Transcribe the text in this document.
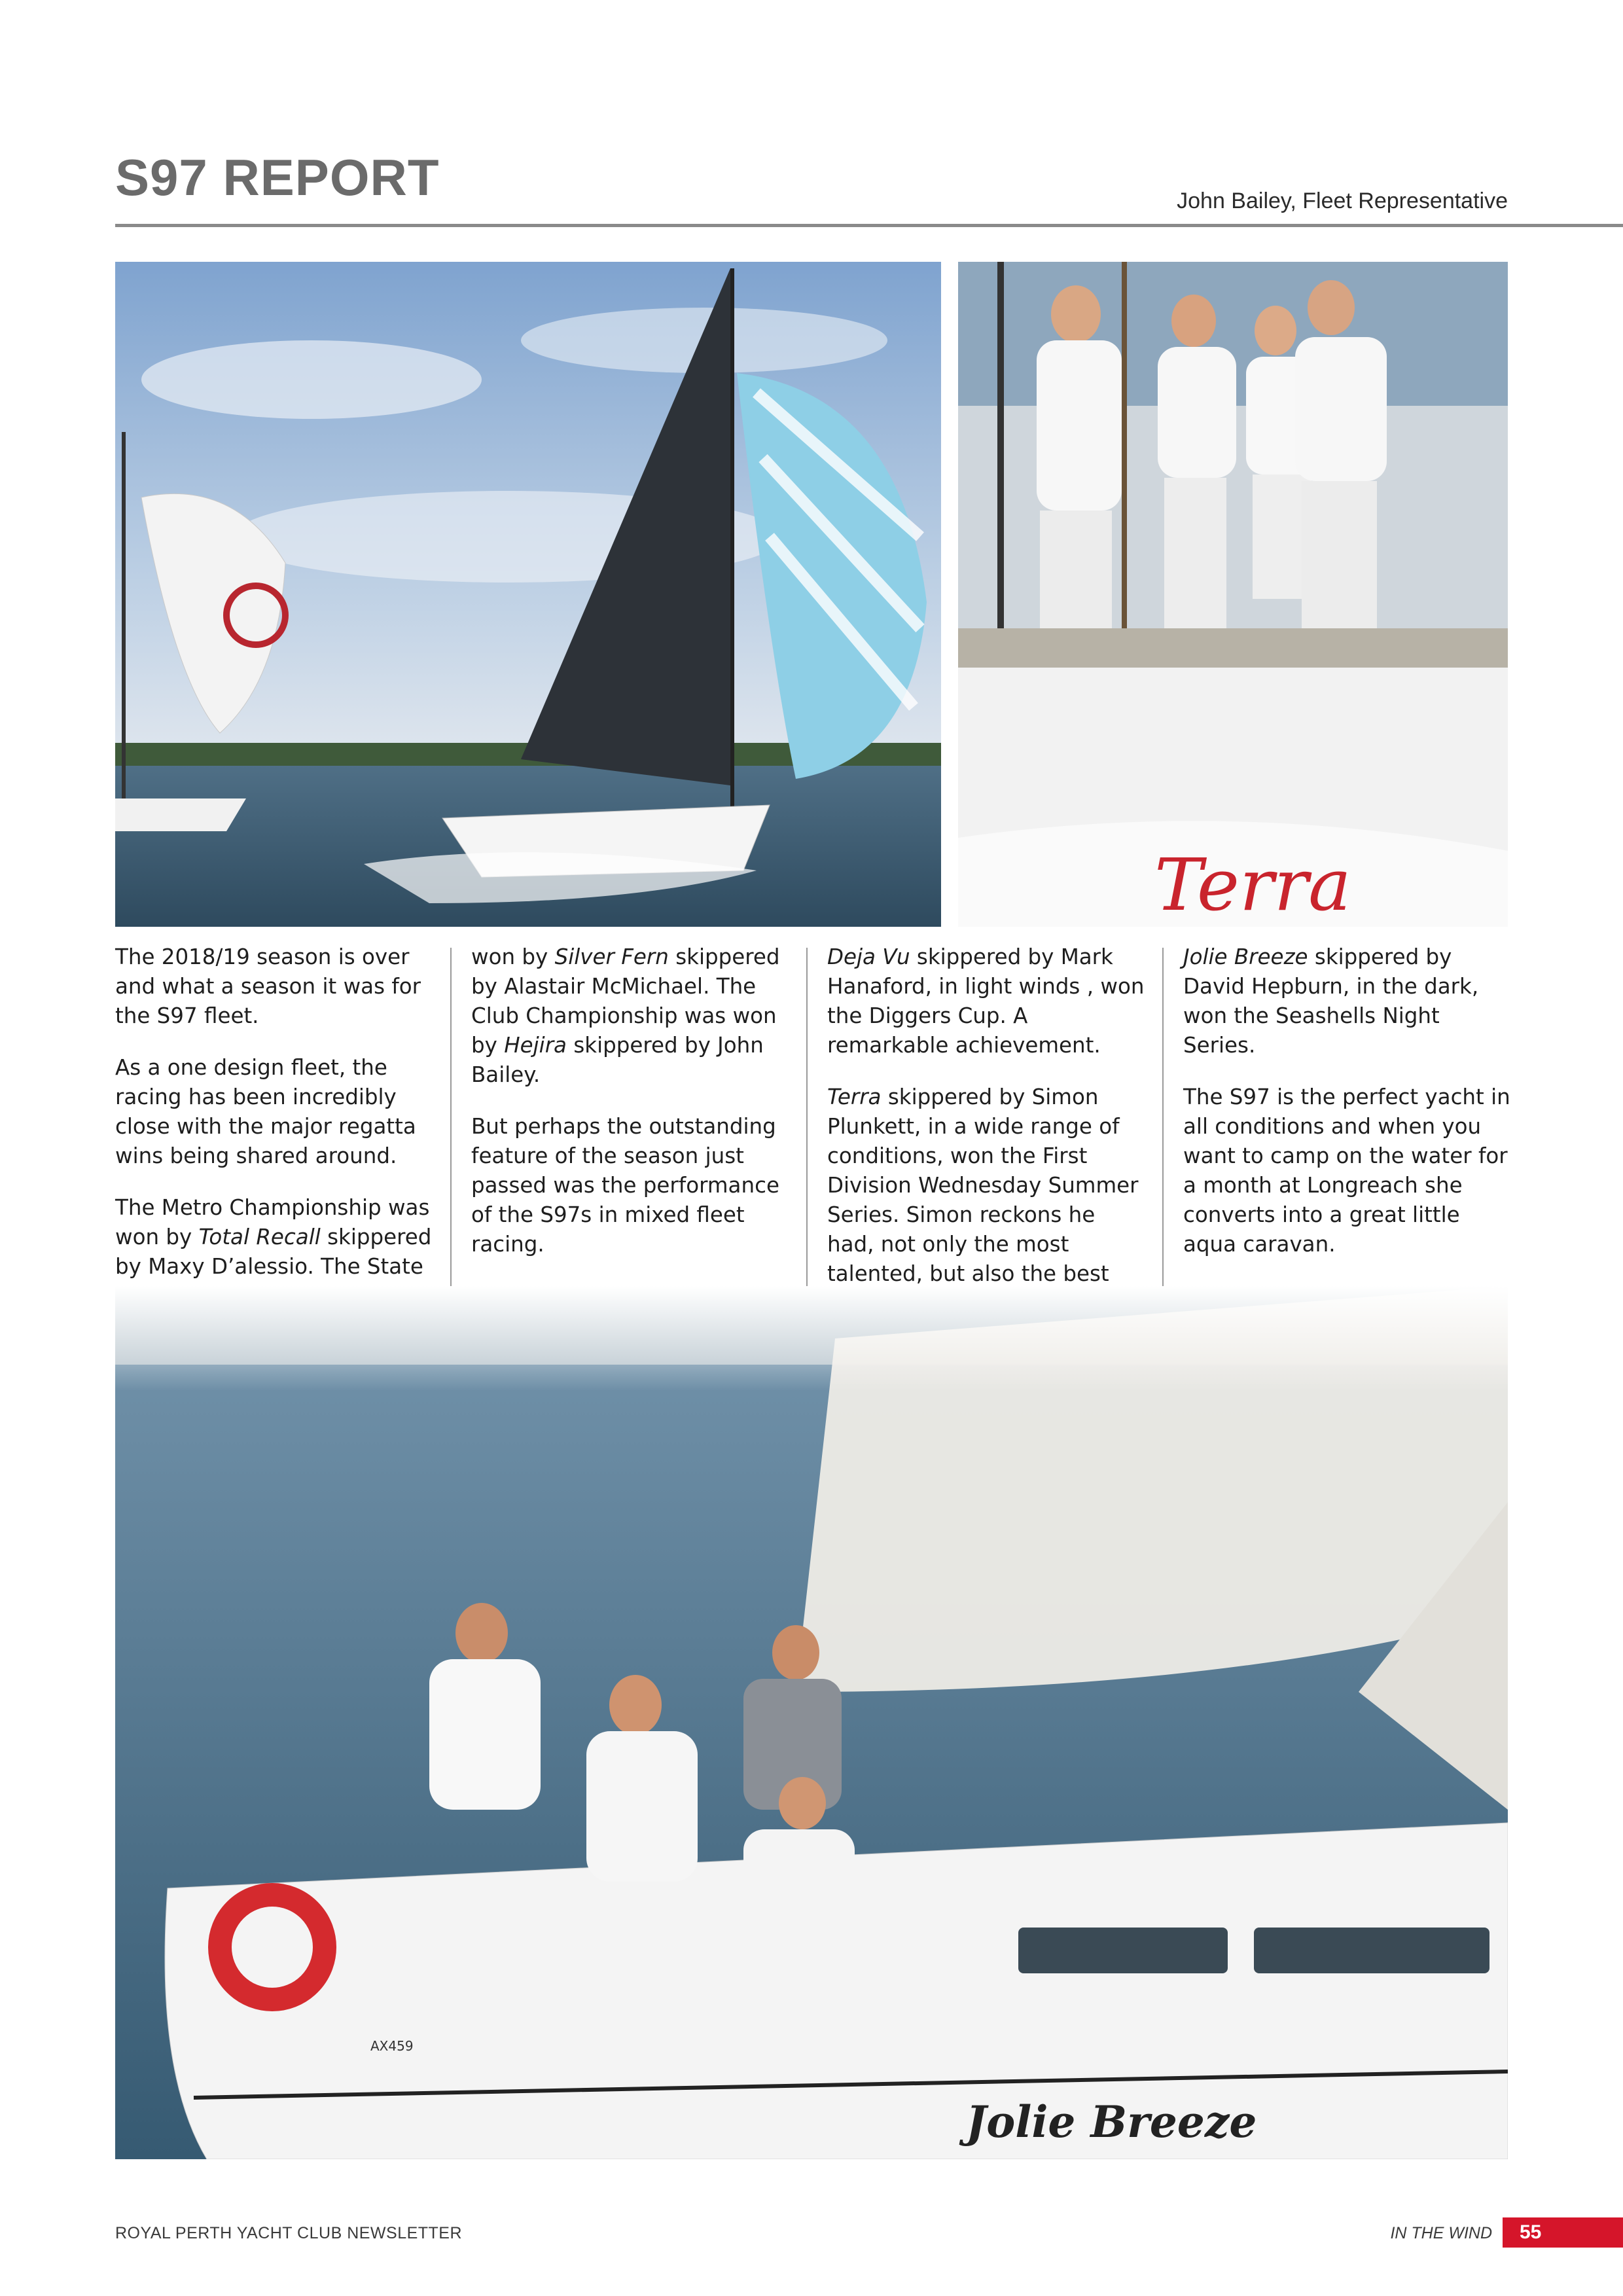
S97 REPORT	John Bailey, Fleet Representative
Terra

The 2018/19 season is over and what a season it was for the S97 fleet.

As a one design fleet, the racing has been incredibly close with the major regatta wins being shared around.

The Metro Championship was won by Total Recall skippered by Maxy D’alessio. The State

won by Silver Fern skippered by Alastair McMichael. The Club Championship was won by Hejira skippered by John Bailey.

But perhaps the outstanding feature of the season just passed was the performance of the S97s in mixed fleet racing.

Deja Vu skippered by Mark Hanaford, in light winds , won the Diggers Cup. A remarkable achievement.

Terra skippered by Simon Plunkett, in a wide range of conditions, won the First Division Wednesday Summer Series. Simon reckons he had, not only the most talented, but also the best

Jolie Breeze skippered by David Hepburn, in the dark, won the Seashells Night Series.

The S97 is the perfect yacht in all conditions and when you want to camp on the water for a month at Longreach she converts into a great little aqua caravan.

ROYAL PERTH YACHT CLUB NEWSLETTER	IN THE WIND 55
